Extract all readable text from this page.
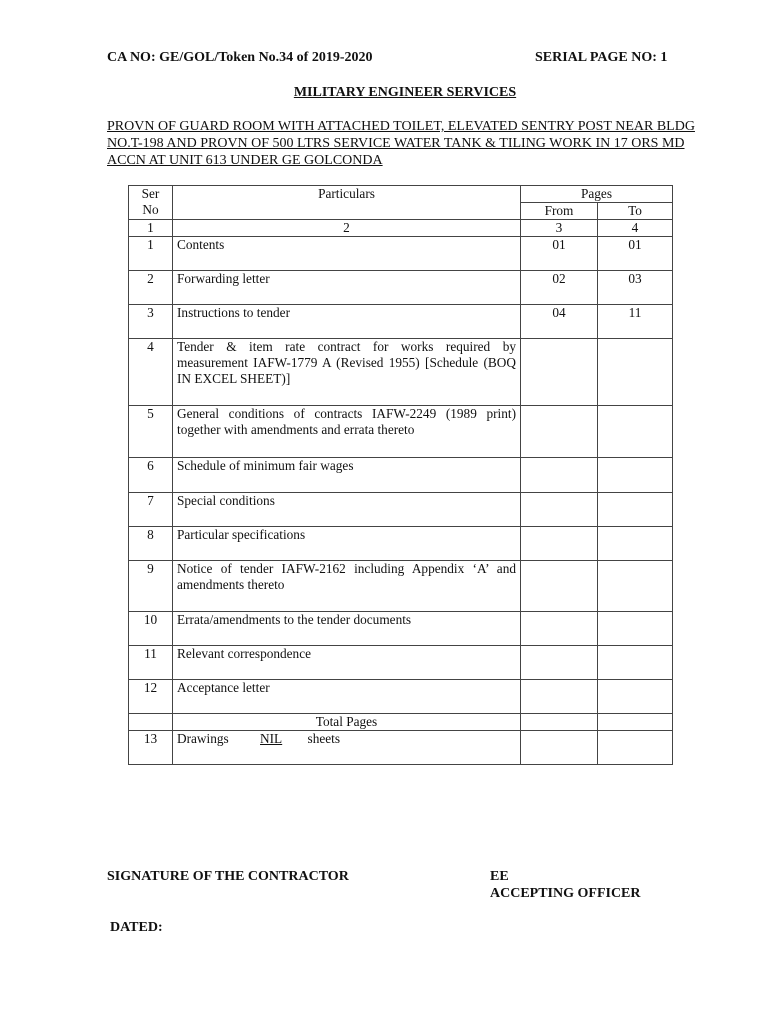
CA NO: GE/GOL/Token No.34 of 2019-2020	SERIAL PAGE NO: 1
MILITARY ENGINEER SERVICES
PROVN OF GUARD ROOM WITH ATTACHED TOILET, ELEVATED SENTRY POST NEAR BLDG NO.T-198 AND PROVN OF 500 LTRS SERVICE WATER TANK & TILING WORK IN 17 ORS MD ACCN AT UNIT 613 UNDER GE GOLCONDA
Ser
No	Particulars	Pages	
		From	To
1	2	3	4
1	Contents	01	01
2	Forwarding letter	02	03
3	Instructions to tender	04	11
4	Tender & item rate contract for works required by measurement IAFW-1779 A (Revised 1955) [Schedule (BOQ IN EXCEL SHEET)]		
5	General conditions of contracts IAFW-2249 (1989 print) together with amendments and errata thereto		
6	Schedule of minimum fair wages		
7	Special conditions		
8	Particular specifications		
9	Notice of tender IAFW-2162 including Appendix ‘A’ and amendments thereto		
10	Errata/amendments to the tender documents		
11	Relevant correspondence		
12	Acceptance letter		
	Total Pages		
13	Drawings NIL sheets		
SIGNATURE OF THE CONTRACTOR	EE
ACCEPTING OFFICER
DATED:
